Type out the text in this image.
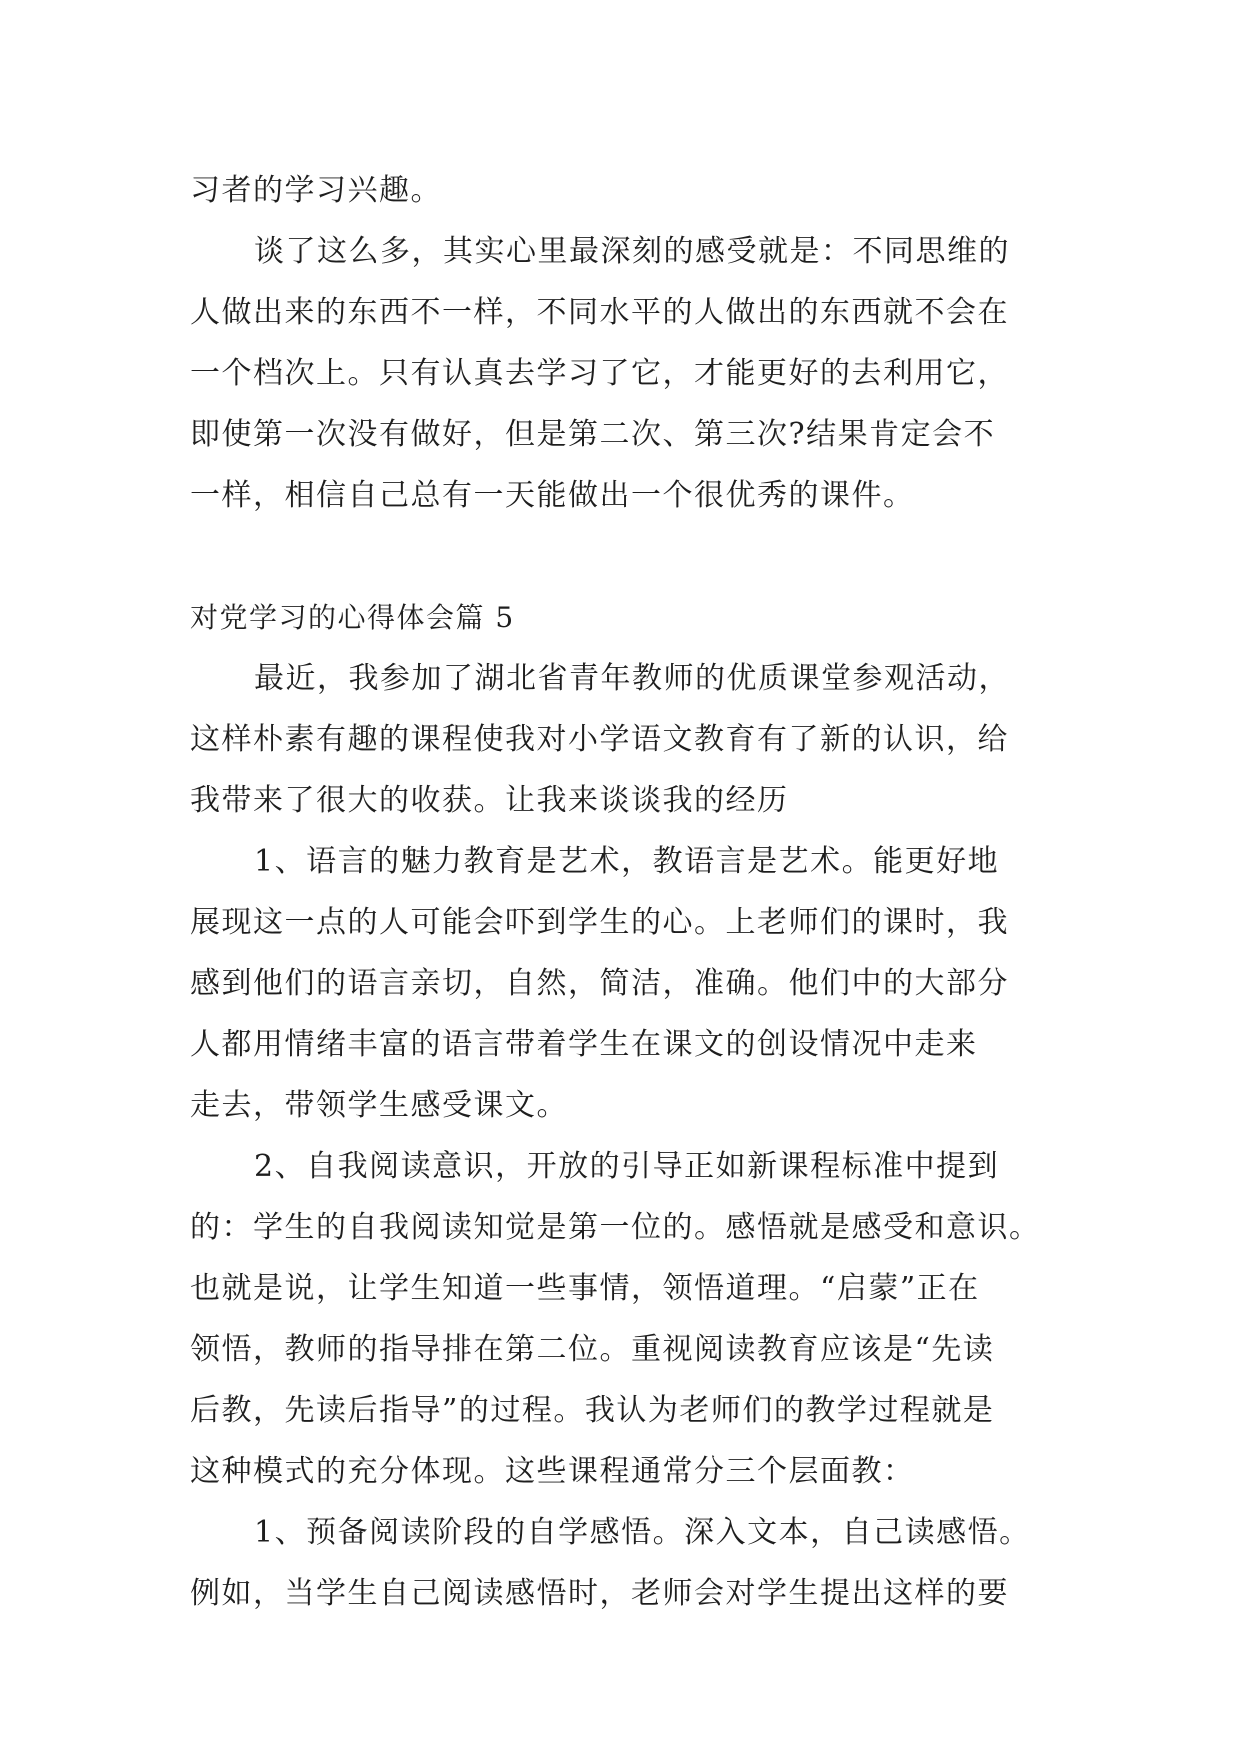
习者的学习兴趣。
谈了这么多，其实心里最深刻的感受就是：不同思维的
人做出来的东西不一样，不同水平的人做出的东西就不会在
一个档次上。只有认真去学习了它，才能更好的去利用它，
即使第一次没有做好，但是第二次、第三次?结果肯定会不
一样，相信自己总有一天能做出一个很优秀的课件。
对党学习的心得体会篇 5
最近，我参加了湖北省青年教师的优质课堂参观活动，
这样朴素有趣的课程使我对小学语文教育有了新的认识，给
我带来了很大的收获。让我来谈谈我的经历
1、语言的魅力教育是艺术，教语言是艺术。能更好地
展现这一点的人可能会吓到学生的心。上老师们的课时，我
感到他们的语言亲切，自然，简洁，准确。他们中的大部分
人都用情绪丰富的语言带着学生在课文的创设情况中走来
走去，带领学生感受课文。
2、自我阅读意识，开放的引导正如新课程标准中提到
的：学生的自我阅读知觉是第一位的。感悟就是感受和意识。
也就是说，让学生知道一些事情，领悟道理。“启蒙”正在
领悟，教师的指导排在第二位。重视阅读教育应该是“先读
后教，先读后指导”的过程。我认为老师们的教学过程就是
这种模式的充分体现。这些课程通常分三个层面教：
1、预备阅读阶段的自学感悟。深入文本，自己读感悟。
例如，当学生自己阅读感悟时，老师会对学生提出这样的要
